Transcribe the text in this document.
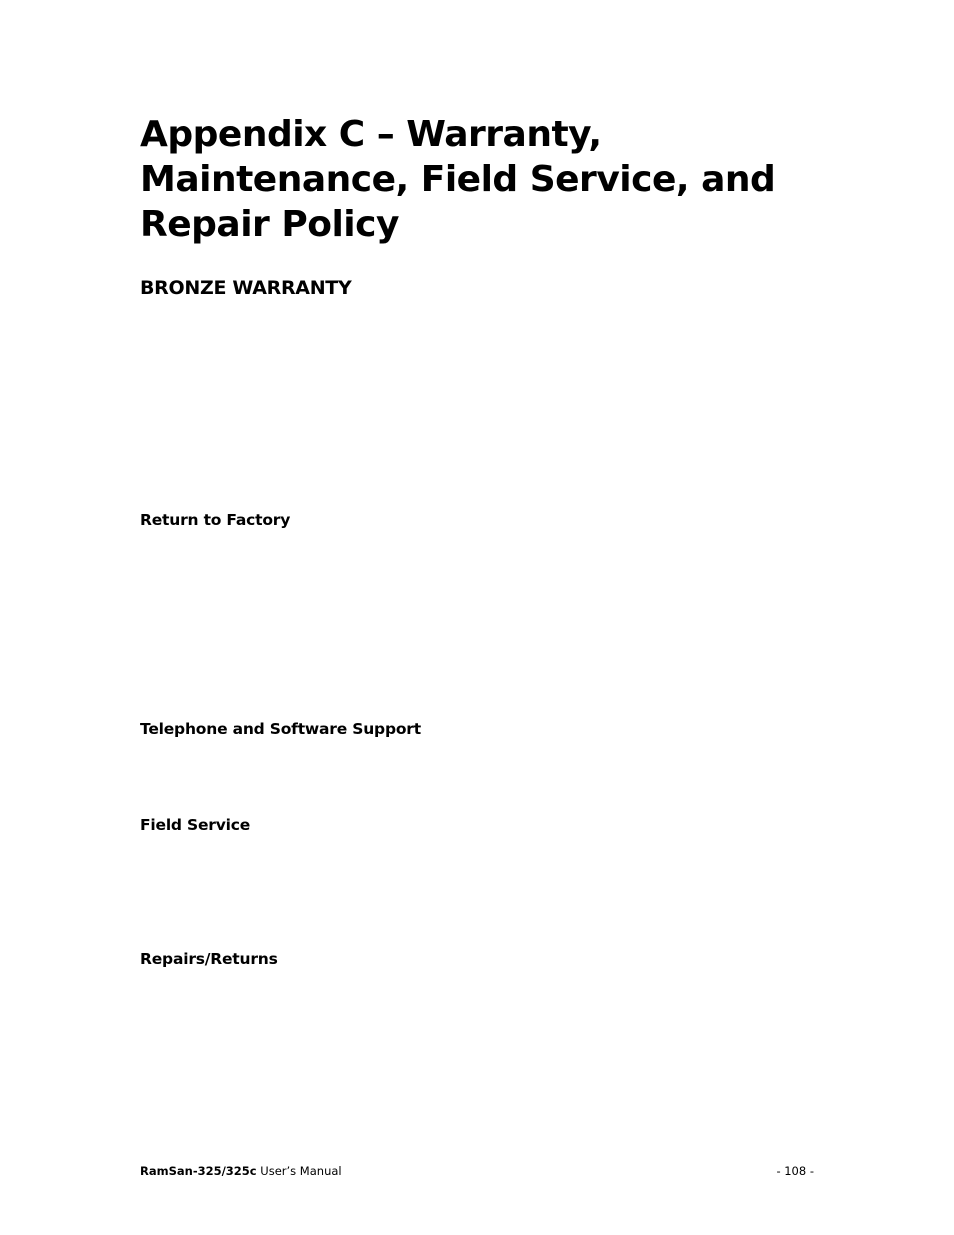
Appendix C – Warranty, Maintenance, Field Service, and Repair Policy
BRONZE WARRANTY
Return to Factory
Telephone and Software Support
Field Service
Repairs/Returns
RamSan-325/325c User’s Manual	- 108 -
